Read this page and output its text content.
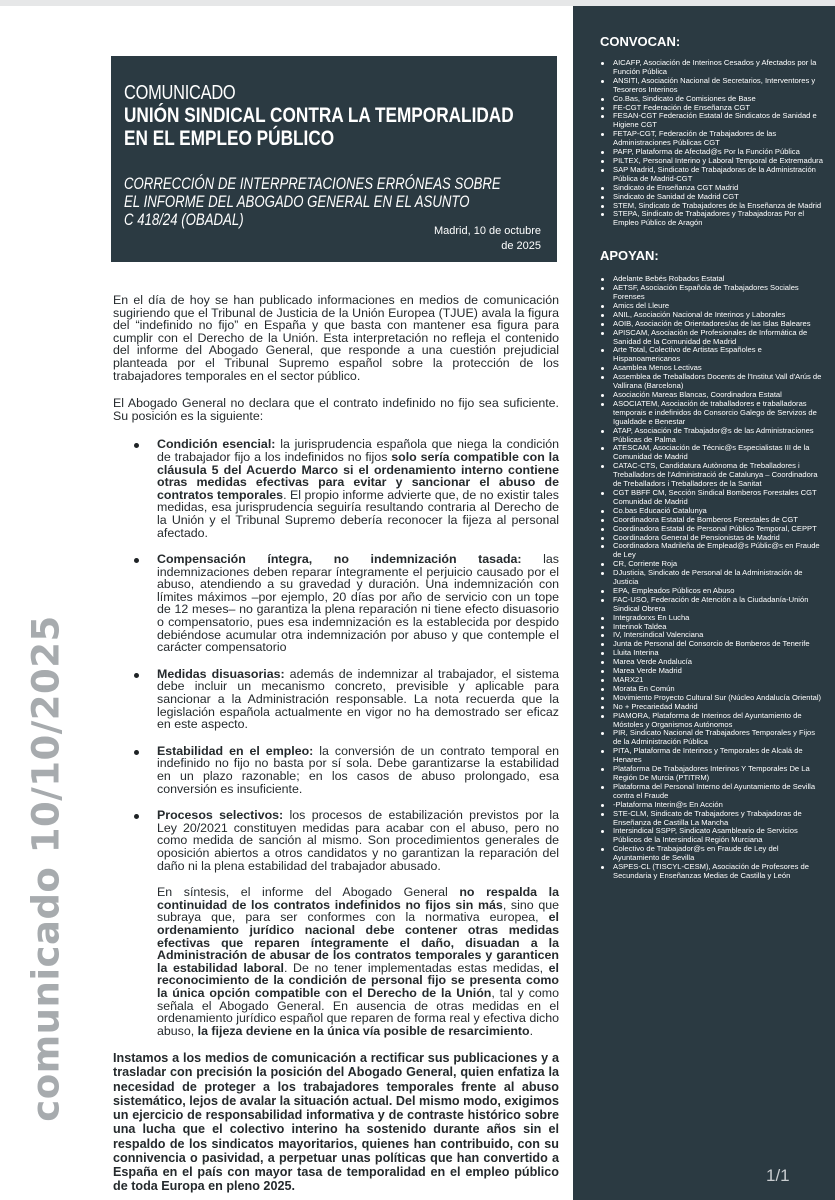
comunicado 10/10/2025
COMUNICADO
UNIÓN SINDICAL CONTRA LA TEMPORALIDAD
EN EL EMPLEO PÚBLICO
CORRECCIÓN DE INTERPRETACIONES ERRÓNEAS SOBRE
EL INFORME DEL ABOGADO GENERAL EN EL ASUNTO
C 418/24 (OBADAL)
Madrid, 10 de octubre
de 2025

En el día de hoy se han publicado informaciones en medios de comunicación sugiriendo que el Tribunal de Justicia de la Unión Europea (TJUE) avala la figura del “indefinido no fijo” en España y que basta con mantener esa figura para cumplir con el Derecho de la Unión. Esta interpretación no refleja el contenido del informe del Abogado General, que responde a una cuestión prejudicial planteada por el Tribunal Supremo español sobre la protección de los trabajadores temporales en el sector público.

El Abogado General no declara que el contrato indefinido no fijo sea suficiente. Su posición es la siguiente:

Condición esencial: la jurisprudencia española que niega la condición de trabajador fijo a los indefinidos no fijos solo sería compatible con la cláusula 5 del Acuerdo Marco si el ordenamiento interno contiene otras medidas efectivas para evitar y sancionar el abuso de contratos temporales. El propio informe advierte que, de no existir tales medidas, esa jurisprudencia seguiría resultando contraria al Derecho de la Unión y el Tribunal Supremo debería reconocer la fijeza al personal afectado.
Compensación íntegra, no indemnización tasada: las indemnizaciones deben reparar íntegramente el perjuicio causado por el abuso, atendiendo a su gravedad y duración. Una indemnización con límites máximos –por ejemplo, 20 días por año de servicio con un tope de 12 meses– no garantiza la plena reparación ni tiene efecto disuasorio o compensatorio, pues esa indemnización es la establecida por despido debiéndose acumular otra indemnización por abuso y que contemple el carácter compensatorio
Medidas disuasorias: además de indemnizar al trabajador, el sistema debe incluir un mecanismo concreto, previsible y aplicable para sancionar a la Administración responsable. La nota recuerda que la legislación española actualmente en vigor no ha demostrado ser eficaz en este aspecto.
Estabilidad en el empleo: la conversión de un contrato temporal en indefinido no fijo no basta por sí sola. Debe garantizarse la estabilidad en un plazo razonable; en los casos de abuso prolongado, esa conversión es insuficiente.
Procesos selectivos: los procesos de estabilización previstos por la Ley 20/2021 constituyen medidas para acabar con el abuso, pero no como medida de sanción al mismo. Son procedimientos generales de oposición abiertos a otros candidatos y no garantizan la reparación del daño ni la plena estabilidad del trabajador abusado.

En síntesis, el informe del Abogado General no respalda la continuidad de los contratos indefinidos no fijos sin más, sino que subraya que, para ser conformes con la normativa europea, el ordenamiento jurídico nacional debe contener otras medidas efectivas que reparen íntegramente el daño, disuadan a la Administración de abusar de los contratos temporales y garanticen la estabilidad laboral. De no tener implementadas estas medidas, el reconocimiento de la condición de personal fijo se presenta como la única opción compatible con el Derecho de la Unión, tal y como señala el Abogado General. En ausencia de otras medidas en el ordenamiento jurídico español que reparen de forma real y efectiva dicho abuso, la fijeza deviene en la única vía posible de resarcimiento.

Instamos a los medios de comunicación a rectificar sus publicaciones y a trasladar con precisión la posición del Abogado General, quien enfatiza la necesidad de proteger a los trabajadores temporales frente al abuso sistemático, lejos de avalar la situación actual. Del mismo modo, exigimos un ejercicio de responsabilidad informativa y de contraste histórico sobre una lucha que el colectivo interino ha sostenido durante años sin el respaldo de los sindicatos mayoritarios, quienes han contribuido, con su connivencia o pasividad, a perpetuar unas políticas que han convertido a España en el país con mayor tasa de temporalidad en el empleo público de toda Europa en pleno 2025.

CONVOCAN:
AICAFP, Asociación de Interinos Cesados y Afectados por la Función Pública
ANSITI, Asociación Nacional de Secretarios, Interventores y Tesoreros Interinos
Co.Bas, Sindicato de Comisiones de Base
FE-CGT Federación de Enseñanza CGT
FESAN-CGT Federación Estatal de Sindicatos de Sanidad e Higiene CGT
FETAP-CGT, Federación de Trabajadores de las Administraciones Públicas CGT
PAFP, Plataforma de Afectad@s Por la Función Pública
PILTEX, Personal Interino y Laboral Temporal de Extremadura
SAP Madrid, Sindicato de Trabajadoras de la Administración Pública de Madrid-CGT
Sindicato de Enseñanza CGT Madrid
Sindicato de Sanidad de Madrid CGT
STEM, Sindicato de Trabajadores de la Enseñanza de Madrid
STEPA, Sindicato de Trabajadores y Trabajadoras Por el Empleo Público de Aragón
APOYAN:
Adelante Bebés Robados Estatal
AETSF, Asociación Española de Trabajadores Sociales Forenses
Amics del Lleure
ANIL, Asociación Nacional de Interinos y Laborales
AOIB, Asociación de Orientadores/as de las Islas Baleares
APISCAM, Asociación de Profesionales de Informática de Sanidad de la Comunidad de Madrid
Arte Total, Colectivo de Artistas Españoles e Hispanoamericanos
Asamblea Menos Lectivas
Assemblea de Treballadors Docents de l'Institut Vall d'Arús de Vallirana (Barcelona)
Asociación Mareas Blancas, Coordinadora Estatal
ASOCIATEM, Asociación de traballadores e traballadoras temporais e indefinidos do Consorcio Galego de Servizos de Igualdade e Benestar
ATAP, Asociación de Trabajador@s de las Administraciones Públicas de Palma
ATESCAM, Asociación de Técnic@s Especialistas III de la Comunidad de Madrid
CATAC-CTS, Candidatura Autònoma de Treballadores i Treballadors de l'Administració de Catalunya – Coordinadora de Treballadors i Treballadores de la Sanitat
CGT BBFF CM, Sección Sindical Bomberos Forestales CGT Comunidad de Madrid
Co.bas Educació Catalunya
Coordinadora Estatal de Bomberos Forestales de CGT
Coordinadora Estatal de Personal Público Temporal, CEPPT
Coordinadora General de Pensionistas de Madrid
Coordinadora Madrileña de Emplead@s Públic@s en Fraude de Ley
CR, Corriente Roja
DJusticia, Sindicato de Personal de la Administración de Justicia
EPA, Empleados Públicos en Abuso
FAC-USO, Federación de Atención a la Ciudadanía-Unión Sindical Obrera
Integradorxs En Lucha
Interinok Taldea
IV, Intersindical Valenciana
Junta de Personal del Consorcio de Bomberos de Tenerife
Lluita Interina
Marea Verde Andalucía
Marea Verde Madrid
MARX21
Morata En Común
Movimiento Proyecto Cultural Sur (Núcleo Andalucía Oriental)
No + Precariedad Madrid
PIAMORA, Plataforma de Interinos del Ayuntamiento de Móstoles y Organismos Autónomos
PIR, Sindicato Nacional de Trabajadores Temporales y Fijos de la Administración Pública
PITA, Plataforma de Interinos y Temporales de Alcalá de Henares
Plataforma De Trabajadores Interinos Y Temporales De La Región De Murcia (PTITRM)
Plataforma del Personal Interno del Ayuntamiento de Sevilla contra el Fraude
-Plataforma Interin@s En Acción
STE-CLM, Sindicato de Trabajadores y Trabajadoras de Enseñanza de Castilla La Mancha
Intersindical SSPP, Sindicato Asambleario de Servicios Públicos de la Intersindical Región Murciana
Colectivo de Trabajador@s en Fraude de Ley del Ayuntamiento de Sevilla
ASPES-CL (TISCYL-CESM), Asociación de Profesores de Secundaria y Enseñanzas Medias de Castilla y León
1/1
